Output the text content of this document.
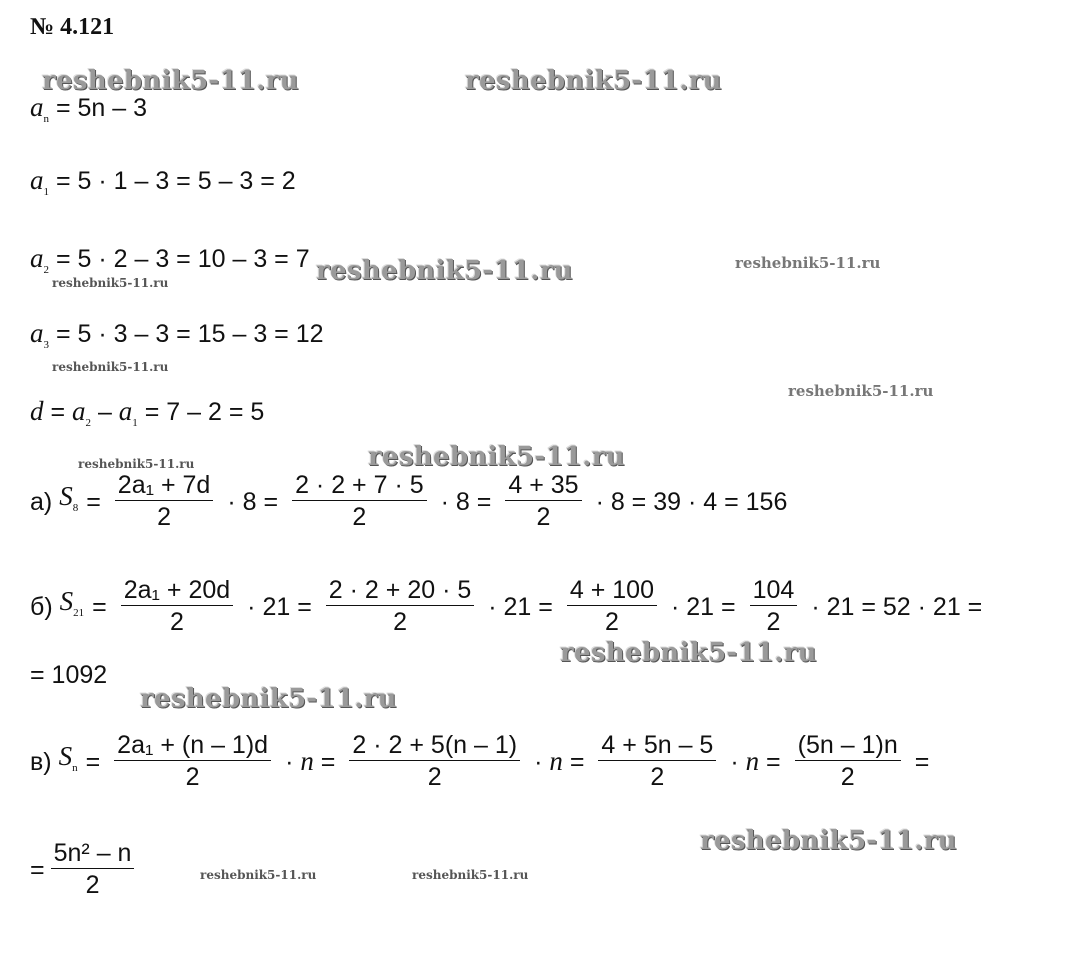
№ 4.121
$a_n = 5n - 3$
$a_1 = 5 \cdot 1 - 3 = 5 - 3 = 2$
$a_2 = 5 \cdot 2 - 3 = 10 - 3 = 7$
$a_3 = 5 \cdot 3 - 3 = 15 - 3 = 12$
$d = a_2 - a_1 = 7 - 2 = 5$
а)
$S_8 = \frac{\text{2a₁ + 7d}}{2} \cdot 8 = \frac{2 \cdot 2 + 7 \cdot 5}{2} \cdot 8 = \frac{4 + 35}{2} \cdot 8 = 39 \cdot 4 = 156$
б)
$S_{21} = \frac{\text{2a₁ + 20d}}{2} \cdot 21 = \frac{2 \cdot 2 + 20 \cdot 5}{2} \cdot 21 = \frac{4 + 100}{2} \cdot 21 = \frac{104}{2} \cdot 21 = 52 \cdot 21$ =
= 1092
в)
$S_n = \frac{\text{2a₁ + (n – 1)d}}{2} \cdot n = \frac{2 \cdot 2 + 5(n - 1)}{2} \cdot n = \frac{4 + 5n - 5}{2} \cdot n = \frac{(5n - 1)n}{2}$ =
= $\frac{\text{5n² – n}}{2}$
reshebnik5-11.ru	reshebnik5-11.ru
reshebnik5-11.ru	reshebnik5-11.ru
reshebnik5-11.ru
reshebnik5-11.ru
reshebnik5-11.ru
reshebnik5-11.ru
reshebnik5-11.ru
reshebnik5-11.ru
reshebnik5-11.ru
reshebnik5-11.ru
reshebnik5-11.ru	reshebnik5-11.ru
